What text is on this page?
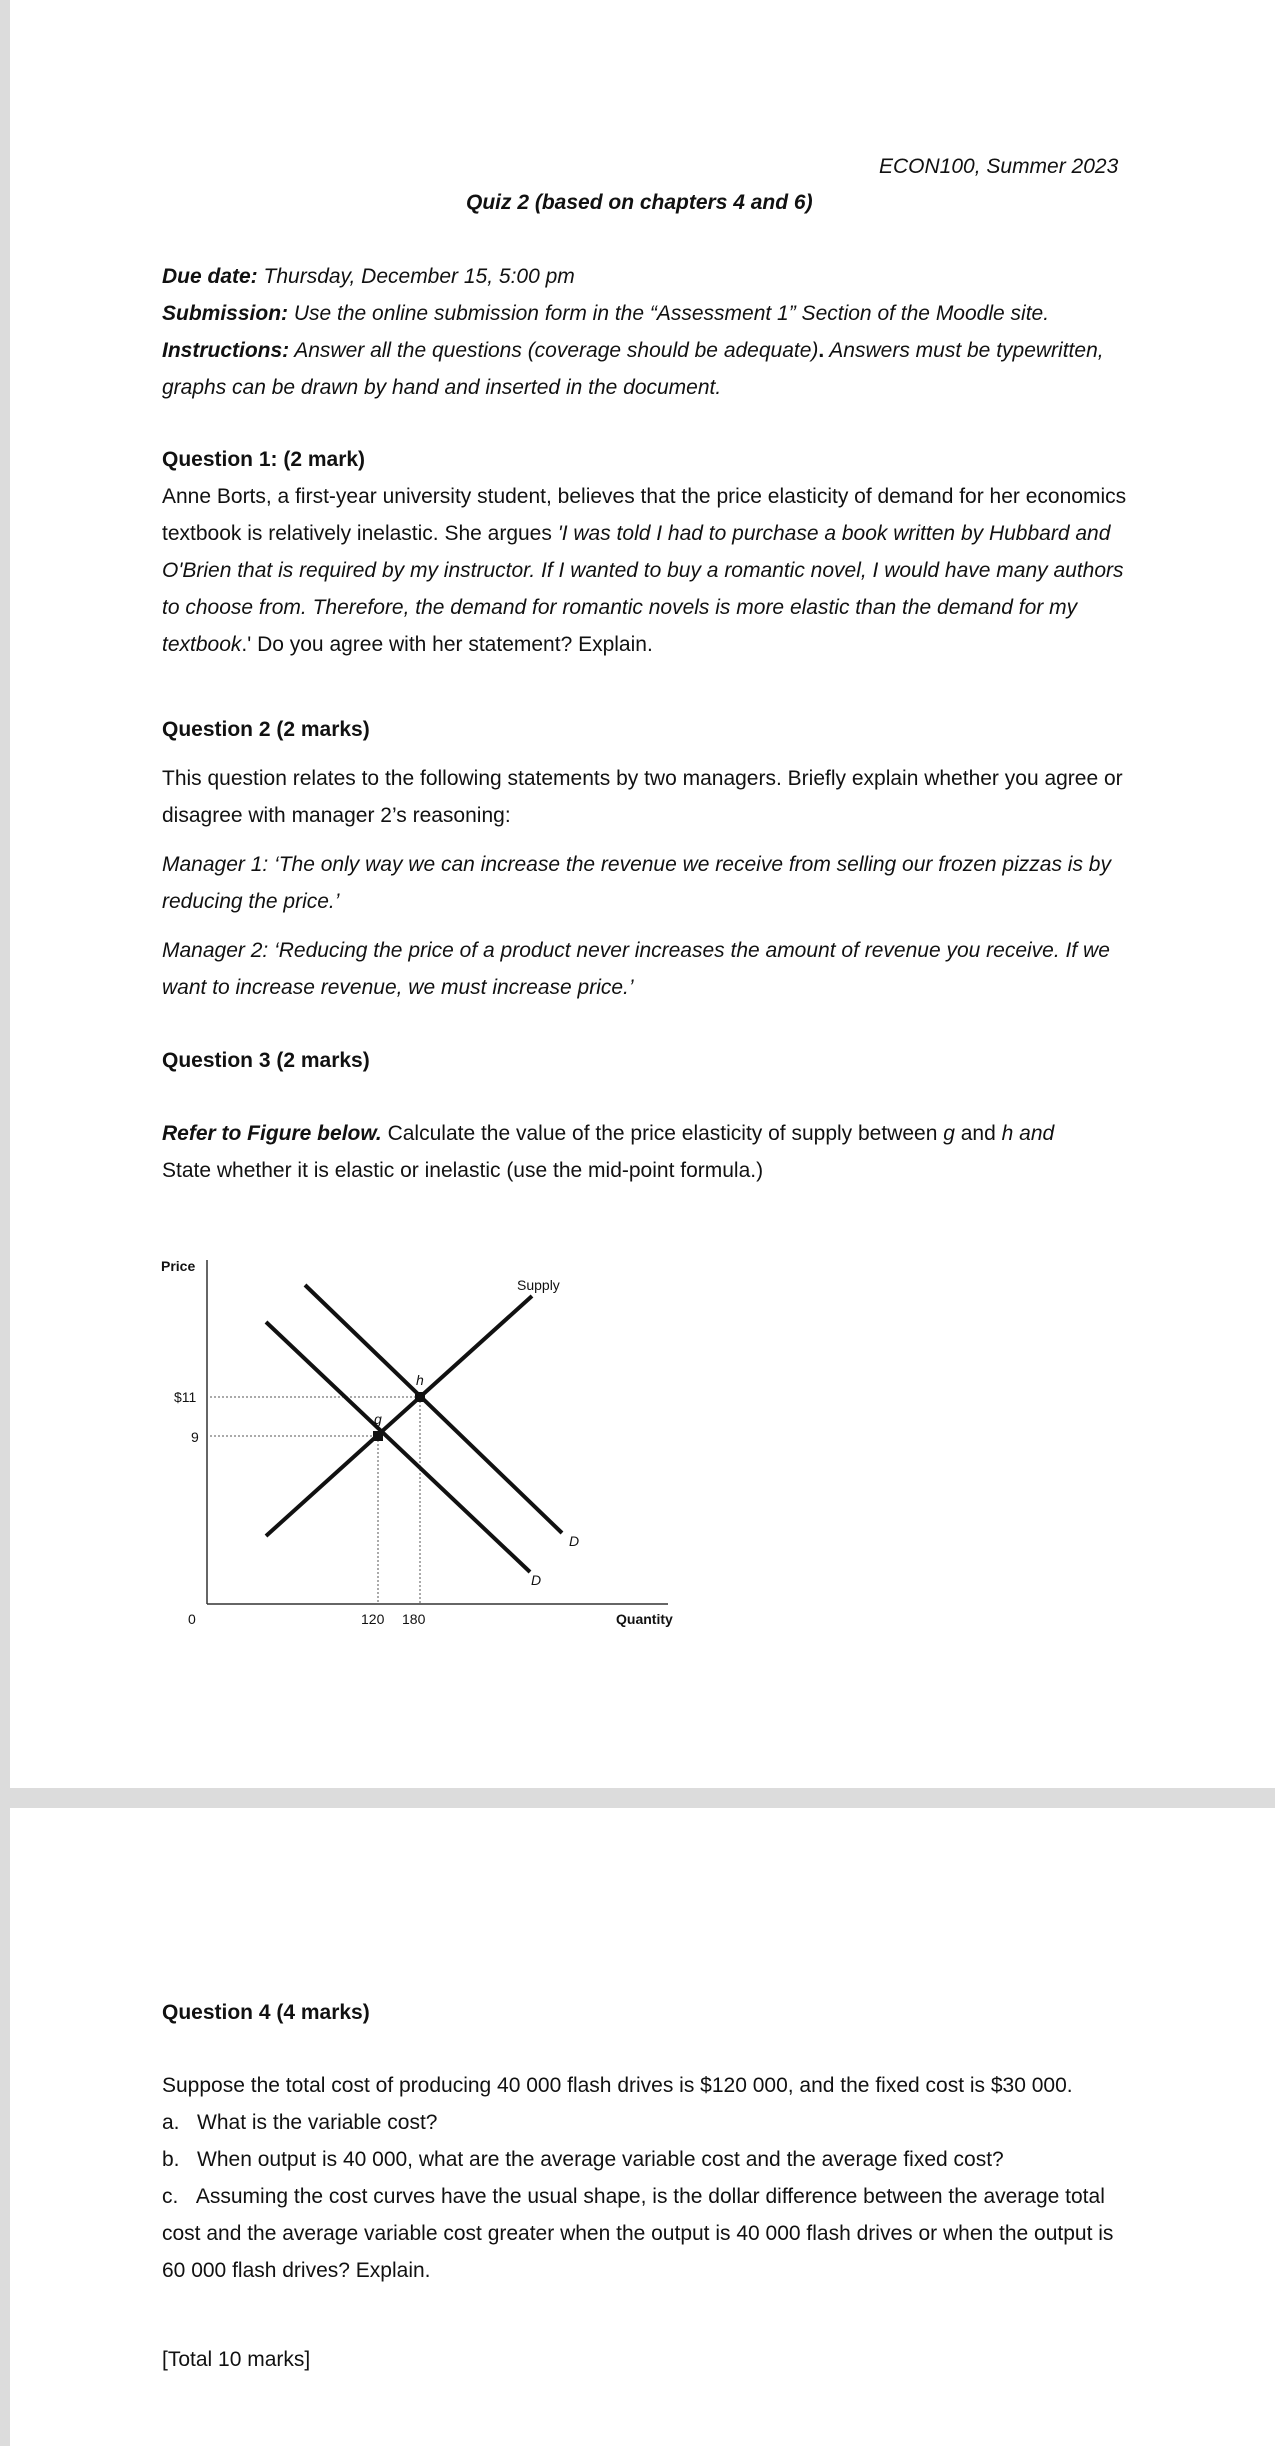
ECON100, Summer 2023
Quiz 2 (based on chapters 4 and 6)
Due date: Thursday, December 15, 5:00 pm
Submission: Use the online submission form in the “Assessment 1” Section of the Moodle site.
Instructions: Answer all the questions (coverage should be adequate). Answers must be typewritten, graphs can be drawn by hand and inserted in the document.
Question 1: (2 mark)
Anne Borts, a first-year university student, believes that the price elasticity of demand for her economics textbook is relatively inelastic. She argues 'I was told I had to purchase a book written by Hubbard and O'Brien that is required by my instructor. If I wanted to buy a romantic novel, I would have many authors to choose from. Therefore, the demand for romantic novels is more elastic than the demand for my textbook.' Do you agree with her statement? Explain.
Question 2 (2 marks)
This question relates to the following statements by two managers. Briefly explain whether you agree or disagree with manager 2’s reasoning:
Manager 1: ‘The only way we can increase the revenue we receive from selling our frozen pizzas is by reducing the price.’
Manager 2: ‘Reducing the price of a product never increases the amount of revenue you receive. If we want to increase revenue, we must increase price.’
Question 3 (2 marks)
Refer to Figure below. Calculate the value of the price elasticity of supply between g and h and
State whether it is elastic or inelastic (use the mid-point formula.)
Price
Quantity
0
$11
9
120 180
Supply
D
D
g
h
Question 4 (4 marks)
Suppose the total cost of producing 40 000 flash drives is $120 000, and the fixed cost is $30 000.
a. What is the variable cost?
b. When output is 40 000, what are the average variable cost and the average fixed cost?
c. Assuming the cost curves have the usual shape, is the dollar difference between the average total cost and the average variable cost greater when the output is 40 000 flash drives or when the output is 60 000 flash drives? Explain.
[Total 10 marks]
